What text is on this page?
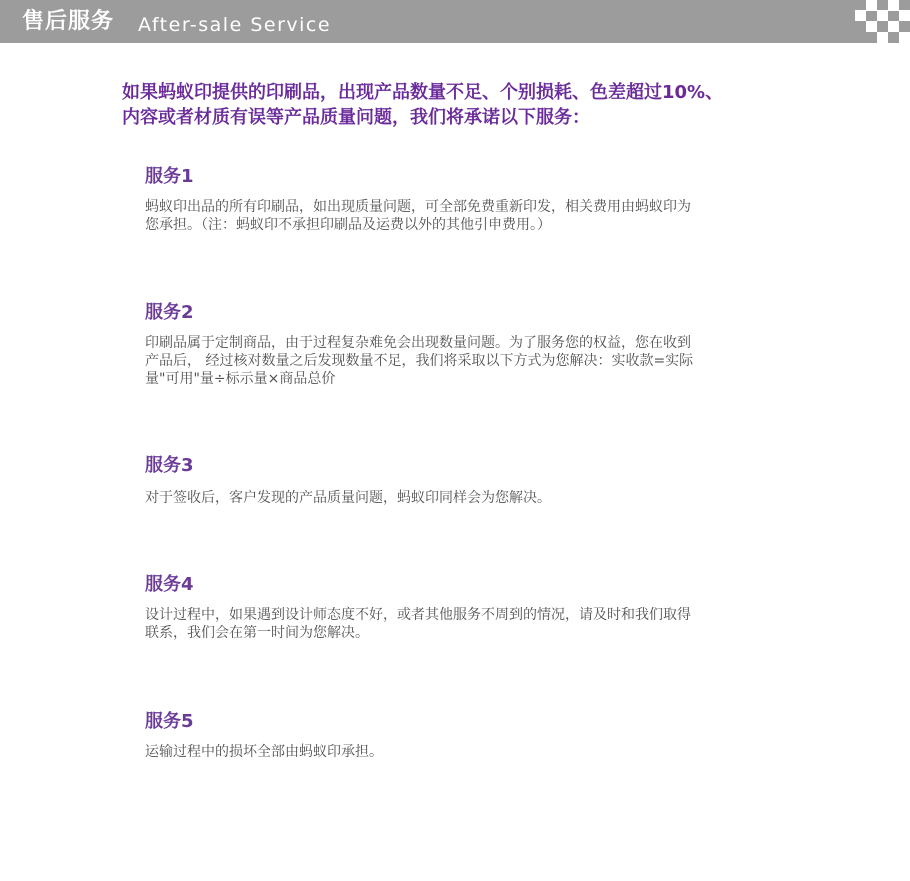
售后服务 After-sale Service
如果蚂蚁印提供的印刷品，出现产品数量不足、个别损耗、色差超过10%、
内容或者材质有误等产品质量问题，我们将承诺以下服务：
服务1
蚂蚁印出品的所有印刷品，如出现质量问题，可全部免费重新印发，相关费用由蚂蚁印为
您承担。（注：蚂蚁印不承担印刷品及运费以外的其他引申费用。）
服务2
印刷品属于定制商品，由于过程复杂难免会出现数量问题。为了服务您的权益，您在收到
产品后， 经过核对数量之后发现数量不足，我们将采取以下方式为您解决：实收款=实际
量"可用"量÷标示量×商品总价
服务3
对于签收后，客户发现的产品质量问题，蚂蚁印同样会为您解决。
服务4
设计过程中，如果遇到设计师态度不好，或者其他服务不周到的情况，请及时和我们取得
联系，我们会在第一时间为您解决。
服务5
运输过程中的损坏全部由蚂蚁印承担。
